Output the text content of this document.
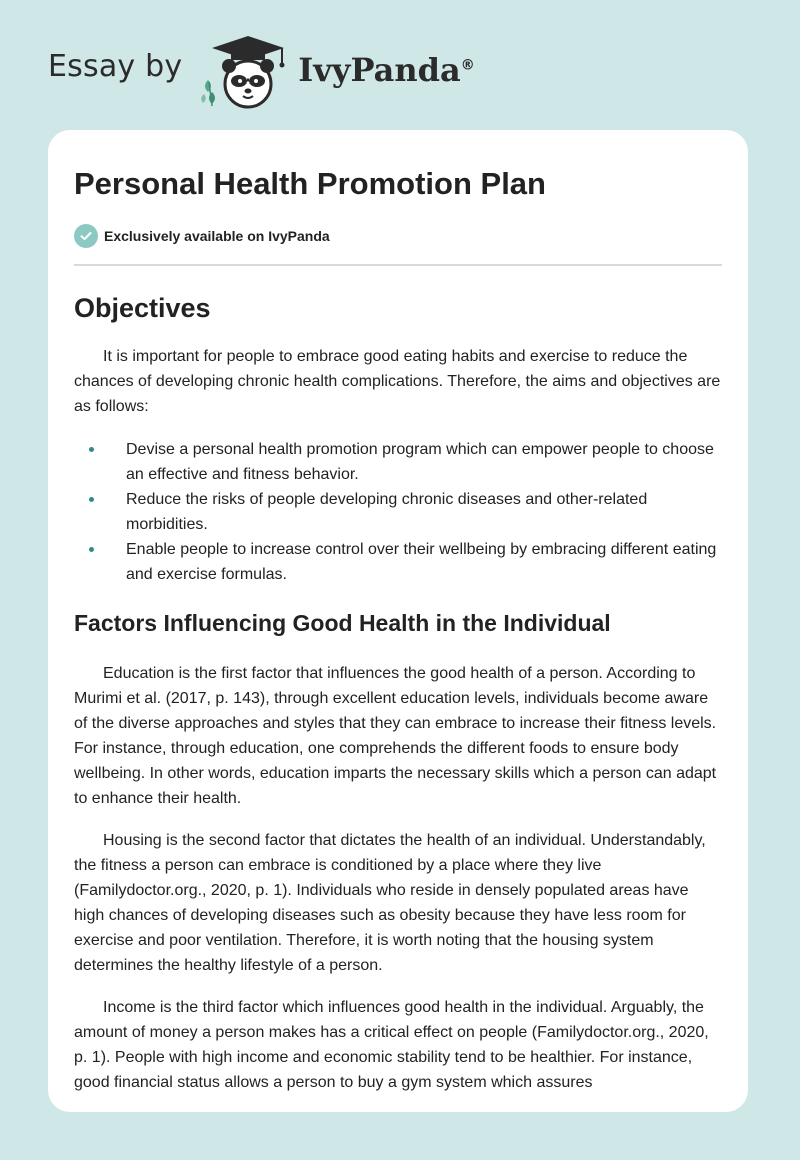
Essay by	IvyPanda®
Personal Health Promotion Plan
Exclusively available on IvyPanda
Objectives

It is important for people to embrace good eating habits and exercise to reduce the chances of developing chronic health complications. Therefore, the aims and objectives are as follows:

Devise a personal health promotion program which can empower people to choose an effective and fitness behavior.
Reduce the risks of people developing chronic diseases and other-related morbidities.
Enable people to increase control over their wellbeing by embracing different eating and exercise formulas.
Factors Influencing Good Health in the Individual

Education is the first factor that influences the good health of a person. According to Murimi et al. (2017, p. 143), through excellent education levels, individuals become aware of the diverse approaches and styles that they can embrace to increase their fitness levels. For instance, through education, one comprehends the different foods to ensure body wellbeing. In other words, education imparts the necessary skills which a person can adapt to enhance their health.

Housing is the second factor that dictates the health of an individual. Understandably, the fitness a person can embrace is conditioned by a place where they live (Familydoctor.org., 2020, p. 1). Individuals who reside in densely populated areas have high chances of developing diseases such as obesity because they have less room for exercise and poor ventilation. Therefore, it is worth noting that the housing system determines the healthy lifestyle of a person.

Income is the third factor which influences good health in the individual. Arguably, the amount of money a person makes has a critical effect on people (Familydoctor.org., 2020, p. 1). People with high income and economic stability tend to be healthier. For instance, good financial status allows a person to buy a gym system which assures
